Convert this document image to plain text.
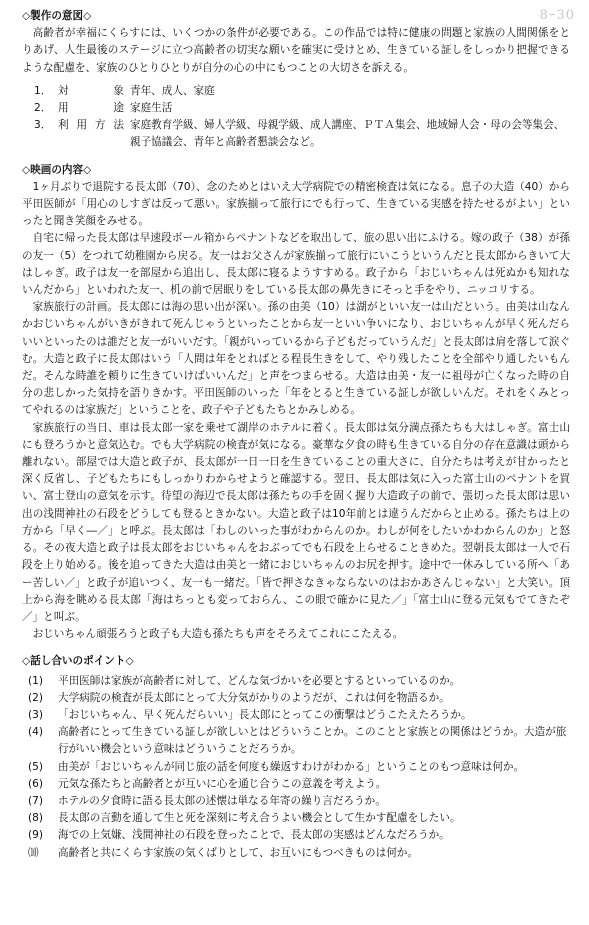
8ｰ30

◇製作の意図◇

高齢者が幸福にくらすには、いくつかの条件が必要である。この作品では特に健康の問題と家族の人間関係をとりあげ、人生最後のステージに立つ高齢者の切実な願いを確実に受けとめ、生きている証しをしっかり把握できるような配慮を、家族のひとりひとりが自分の心の中にもつことの大切さを訴える。

1． 対　象 青年、成人、家庭
2． 用　途 家庭生活
3． 利用方法 家庭教育学級、婦人学級、母親学級、成人講座、ＰＴＡ集会、地域婦人会・母の会等集会、親子協議会、青年と高齢者懇談会など。

◇映画の内容◇

1ヶ月ぶりで退院する長太郎（70）、念のためとはいえ大学病院での精密検査は気になる。息子の大造（40）から平田医師が「用心のしすぎは反って悪い。家族揃って旅行にでも行って、生きている実感を持たせるがよい」といったと聞き笑顔をみせる。

自宅に帰った長太郎は早速段ボール箱からペナントなどを取出して、旅の思い出にふける。嫁の政子（38）が孫の友一（5）をつれて幼稚園から戻る。友一はお父さんが家族揃って旅行にいこうというんだと長太郎からきいて大はしゃぎ。政子は友一を部屋から追出し、長太郎に寝るようすすめる。政子から「おじいちゃんは死ぬかも知れないんだから」といわれた友一、机の前で居眠りをしている長太郎の鼻先きにそっと手をやり、ニッコリする。

家族旅行の計画。長太郎には海の思い出が深い。孫の由美（10）は湖がといい友一は山だという。由美は山なんかおじいちゃんがいきがきれて死んじゃうといったことから友一といい争いになり、おじいちゃんが早く死んだらいいといったのは誰だと友一がいいだす。「親がいっているから子どもだっていうんだ」と長太郎は肩を落して涙ぐむ。大造と政子に長太郎はいう「人間は年をとればとる程長生きをして、やり残したことを全部やり通したいもんだ。そんな時誰を頼りに生きていけばいいんだ」と声をつまらせる。大造は由美・友一に祖母が亡くなった時の自分の悲しかった気持を語りきかす。平田医師のいった「年をとると生きている証しが欲しいんだ。それをくみとってやれるのは家族だ」ということを、政子や子どもたちとかみしめる。

家族旅行の当日、車は長太郎一家を乗せて湖岸のホテルに着く。長太郎は気分満点孫たちも大はしゃぎ。富士山にも登ろうかと意気込む。でも大学病院の検査が気になる。豪華な夕食の時も生きている自分の存在意識は頭から離れない。部屋では大造と政子が、長太郎が一日一日を生きていることの重大さに、自分たちは考えが甘かったと深く反省し、子どもたちにもしっかりわからせようと確認する。翌日、長太郎は気に入った富士山のペナントを買い、富士登山の意気を示す。待望の海辺で長太郎は孫たちの手を固く握り大造政子の前で、張切った長太郎は思い出の浅間神社の石段をどうしても登るときかない。大造と政子は10年前とは違うんだからと止める。孫たちは上の方から「早く―／」と呼ぶ。長太郎は「わしのいった事がわからんのか。わしが何をしたいかわからんのか」と怒る。その夜大造と政子は長太郎をおじいちゃんをおぶってでも石段を上らせることきめた。翌朝長太郎は一人で石段を上り始める。後を追ってきた大造は由美と一緒におじいちゃんのお尻を押す。途中で一休みしている所へ「あー苦しい／」と政子が追いつく、友一も一緒だ。「皆で押さなきゃならないのはおかあさんじゃない」と大笑い。頂上から海を眺める長太郎「海はちっとも変っておらん、この眼で確かに見た／」「富士山に登る元気もでてきたぞ／」と叫ぶ。

おじいちゃん頑張ろうと政子も大造も孫たちも声をそろえてこれにこたえる。

◇話し合いのポイント◇

(1)	平田医師は家族が高齢者に対して、どんな気づかいを必要とするといっているのか。
(2)	大学病院の検査が長太郎にとって大分気がかりのようだが、これは何を物語るか。
(3)	「おじいちゃん、早く死んだらいい」長太郎にとってこの衝撃はどうこたえたろうか。
(4)	高齢者にとって生きている証しが欲しいとはどういうことか。このことと家族との関係はどうか。大造が旅行がいい機会という意味はどういうことだろうか。
(5)	由美が「おじいちゃんが同じ旅の話を何度も繰返すわけがわかる」ということのもつ意味は何か。
(6)	元気な孫たちと高齢者とが互いに心を通じ合うこの意義を考えよう。
(7)	ホテルの夕食時に語る長太郎の述懐は単なる年寄の繰り言だろうか。
(8)	長太郎の言動を通して生と死を深刻に考え合うよい機会として生かす配慮をしたい。
(9)	海での上気嫌、浅間神社の石段を登ったことで、長太郎の実感はどんなだろうか。
⑽	高齢者と共にくらす家族の気くばりとして、お互いにもつべきものは何か。
